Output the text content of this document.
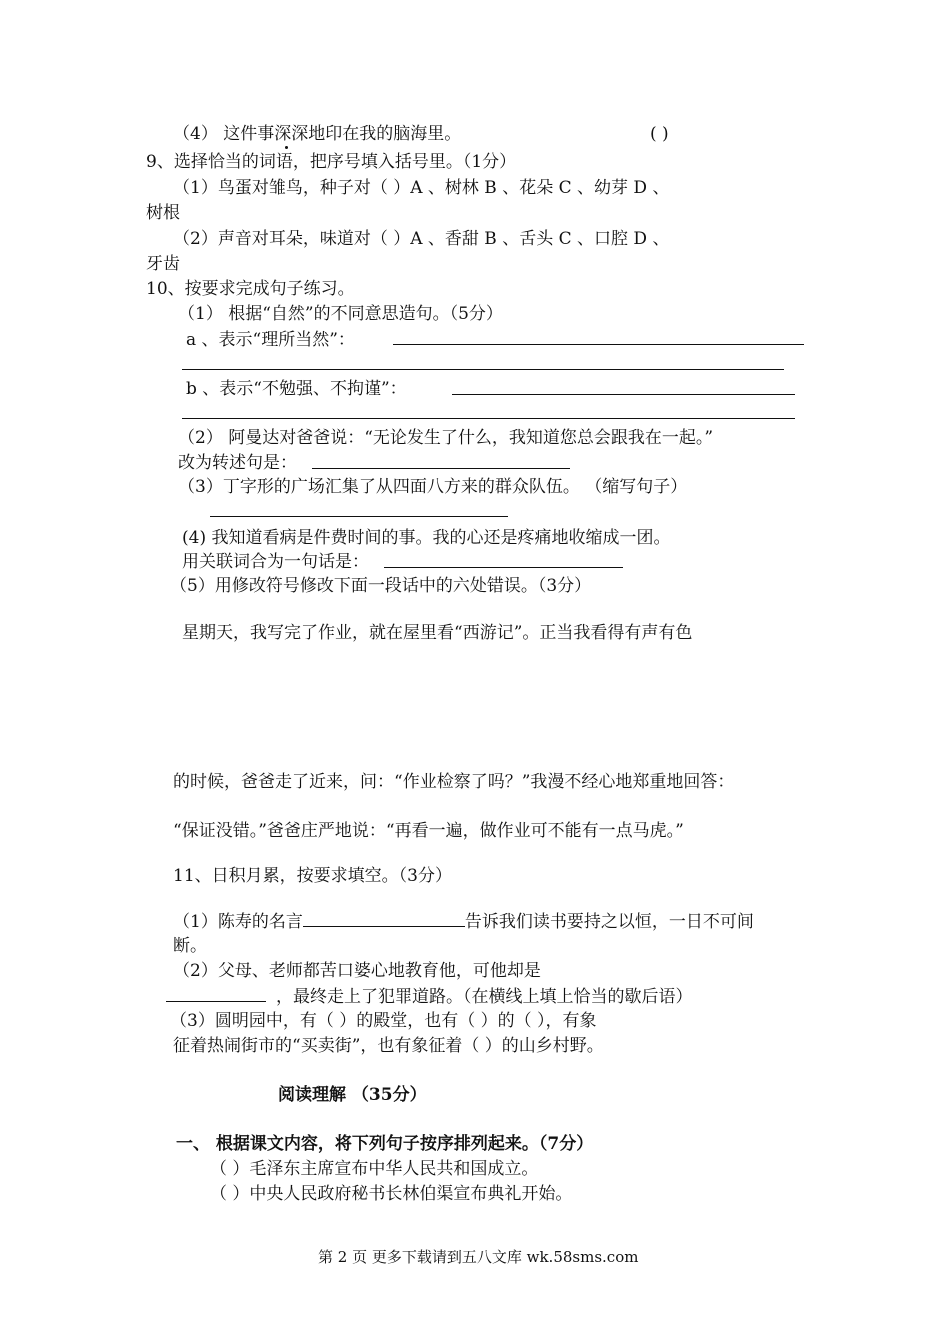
（4） 这件事深深地印在我的脑海里。	( )
9、选择恰当的词语，把序号填入括号里。（1分）
（1）鸟蛋对雏鸟，种子对（ ）A 、树林 B 、花朵 C 、幼芽 D 、
树根
（2）声音对耳朵，味道对（ ）A 、香甜 B 、舌头 C 、口腔 D 、
牙齿
10、按要求完成句子练习。
（1） 根据“自然”的不同意思造句。（5分）
a 、表示“理所当然”：
b 、表示“不勉强、不拘谨”：
（2） 阿曼达对爸爸说：“无论发生了什么，我知道您总会跟我在一起。”
改为转述句是：
（3）丁字形的广场汇集了从四面八方来的群众队伍。 （缩写句子）
(4) 我知道看病是件费时间的事。我的心还是疼痛地收缩成一团。
用关联词合为一句话是：
（5）用修改符号修改下面一段话中的六处错误。（3分）
星期天，我写完了作业，就在屋里看“西游记”。正当我看得有声有色
的时候，爸爸走了近来，问：“作业检察了吗？”我漫不经心地郑重地回答：
“保证没错。”爸爸庄严地说：“再看一遍，做作业可不能有一点马虎。”
11、日积月累，按要求填空。（3分）
（1）陈寿的名言	告诉我们读书要持之以恒，一日不可间
断。
（2）父母、老师都苦口婆心地教育他，可他却是
，最终走上了犯罪道路。（在横线上填上恰当的歇后语）
（3）圆明园中，有（ ）的殿堂，也有（ ）的（ ），有象
征着热闹街市的“买卖街”，也有象征着（ ）的山乡村野。
阅读理解 （35分）
一、 根据课文内容，将下列句子按序排列起来。（7分）
（ ）毛泽东主席宣布中华人民共和国成立。
（ ）中央人民政府秘书长林伯渠宣布典礼开始。
第 2 页 更多下载请到五八文库 wk.58sms.com
